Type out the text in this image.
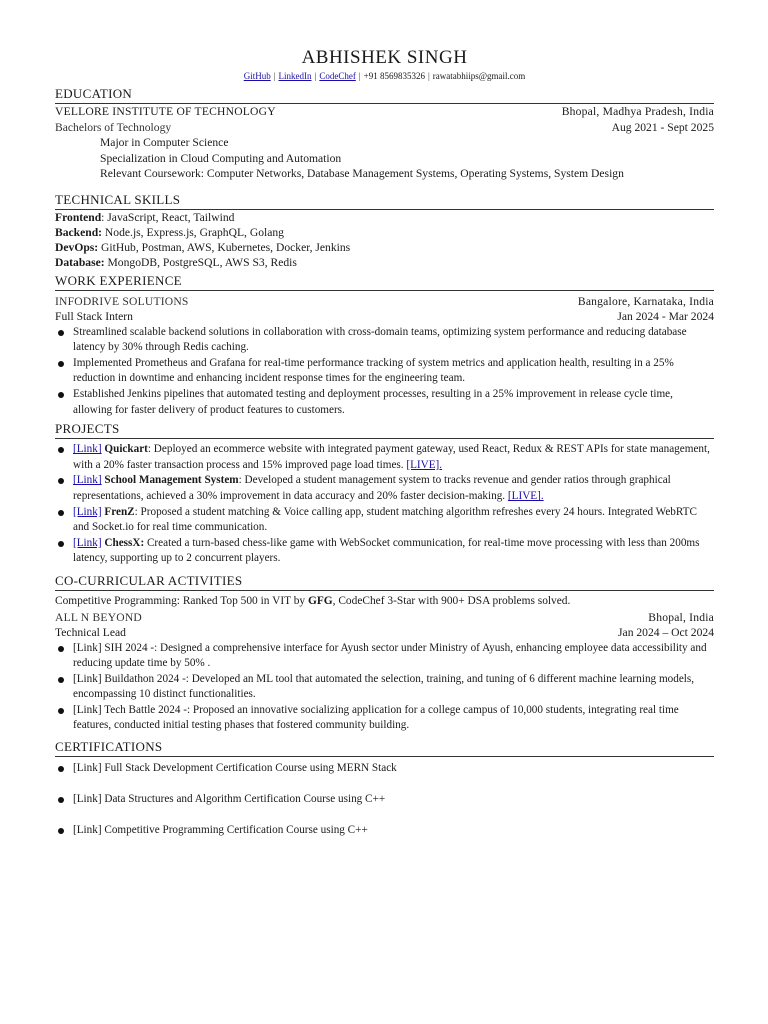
ABHISHEK SINGH
GitHub | LinkedIn | CodeChef | +91 8569835326 | rawatabhiips@gmail.com
EDUCATION
VELLORE INSTITUTE OF TECHNOLOGY	Bhopal, Madhya Pradesh, India
Bachelors of Technology	Aug 2021 - Sept 2025
Major in Computer Science
Specialization in Cloud Computing and Automation
Relevant Coursework: Computer Networks, Database Management Systems, Operating Systems, System Design
TECHNICAL SKILLS
Frontend: JavaScript, React, Tailwind
Backend: Node.js, Express.js, GraphQL, Golang
DevOps: GitHub, Postman, AWS, Kubernetes, Docker, Jenkins
Database: MongoDB, PostgreSQL, AWS S3, Redis
WORK EXPERIENCE
INFODRIVE SOLUTIONS	Bangalore, Karnataka, India
Full Stack Intern	Jan 2024 - Mar 2024
Streamlined scalable backend solutions in collaboration with cross-domain teams, optimizing system performance and reducing database latency by 30% through Redis caching.
Implemented Prometheus and Grafana for real-time performance tracking of system metrics and application health, resulting in a 25% reduction in downtime and enhancing incident response times for the engineering team.
Established Jenkins pipelines that automated testing and deployment processes, resulting in a 25% improvement in release cycle time, allowing for faster delivery of product features to customers.
PROJECTS
[Link] Quickart: Deployed an ecommerce website with integrated payment gateway, used React, Redux & REST APIs for state management, with a 20% faster transaction process and 15% improved page load times. [LIVE].
[Link] School Management System: Developed a student management system to tracks revenue and gender ratios through graphical representations, achieved a 30% improvement in data accuracy and 20% faster decision-making. [LIVE].
[Link] FrenZ: Proposed a student matching & Voice calling app, student matching algorithm refreshes every 24 hours. Integrated WebRTC and Socket.io for real time communication.
[Link] ChessX: Created a turn-based chess-like game with WebSocket communication, for real-time move processing with less than 200ms latency, supporting up to 2 concurrent players.
CO-CURRICULAR ACTIVITIES
Competitive Programming: Ranked Top 500 in VIT by GFG, CodeChef 3-Star with 900+ DSA problems solved.
ALL N BEYOND	Bhopal, India
Technical Lead	Jan 2024 – Oct 2024
[Link] SIH 2024 -: Designed a comprehensive interface for Ayush sector under Ministry of Ayush, enhancing employee data accessibility and reducing update time by 50% .
[Link] Buildathon 2024 -: Developed an ML tool that automated the selection, training, and tuning of 6 different machine learning models, encompassing 10 distinct functionalities.
[Link] Tech Battle 2024 -: Proposed an innovative socializing application for a college campus of 10,000 students, integrating real time features, conducted initial testing phases that fostered community building.
CERTIFICATIONS
[Link] Full Stack Development Certification Course using MERN Stack
[Link] Data Structures and Algorithm Certification Course using C++
[Link] Competitive Programming Certification Course using C++
